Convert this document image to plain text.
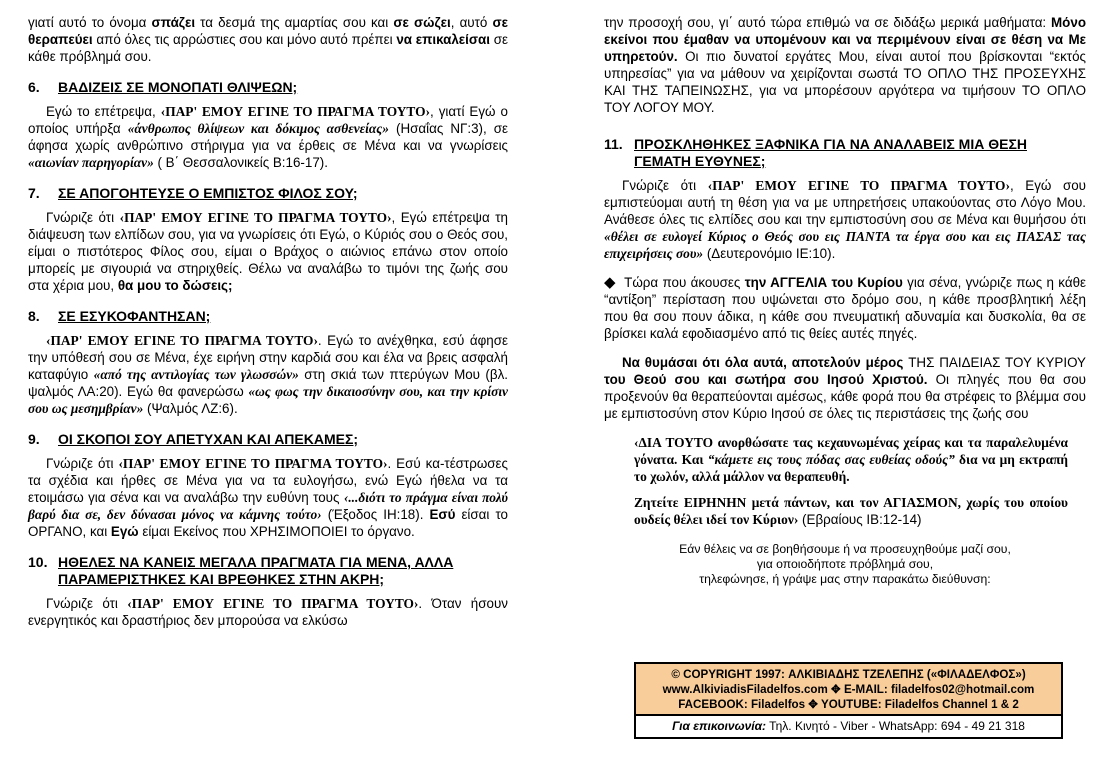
γιατί αυτό το όνομα σπάζει τα δεσμά της αμαρτίας σου και σε σώζει, αυτό σε θεραπεύει από όλες τις αρρώστιες σου και μόνο αυτό πρέπει να επικαλείσαι σε κάθε πρόβλημά σου.

6.	ΒΑΔΙΖΕΙΣ ΣΕ ΜΟΝΟΠΑΤΙ ΘΛΙΨΕΩΝ;

Εγώ το επέτρεψα, ‹ΠΑΡ' ΕΜΟΥ ΕΓΙΝΕ ΤΟ ΠΡΑΓΜΑ ΤΟΥΤΟ›, γιατί Εγώ ο οποίος υπήρξα «άνθρωπος θλίψεων και δόκιμος ασθενείας» (Ησαΐας ΝΓ:3), σε άφησα χωρίς ανθρώπινο στήριγμα για να έρθεις σε Μένα και να γνωρίσεις «αιωνίαν παρηγορίαν» ( Β΄ Θεσσαλονικείς Β:16-17).

7.	ΣΕ ΑΠΟΓΟΗΤΕΥΣΕ Ο ΕΜΠΙΣΤΟΣ ΦΙΛΟΣ ΣΟΥ;

Γνώριζε ότι ‹ΠΑΡ' ΕΜΟΥ ΕΓΙΝΕ ΤΟ ΠΡΑΓΜΑ ΤΟΥΤΟ›, Εγώ επέτρεψα τη διάψευση των ελπίδων σου, για να γνωρίσεις ότι Εγώ, ο Κύριός σου ο Θεός σου, είμαι ο πιστότερος Φίλος σου, είμαι ο Βράχος ο αιώνιος επάνω στον οποίο μπορείς με σιγουριά να στηριχθείς. Θέλω να αναλάβω το τιμόνι της ζωής σου στα χέρια μου, θα μου το δώσεις;

8.	ΣΕ ΕΣΥΚΟΦΑΝΤΗΣΑΝ;

‹ΠΑΡ' ΕΜΟΥ ΕΓΙΝΕ ΤΟ ΠΡΑΓΜΑ ΤΟΥΤΟ›. Εγώ το ανέχθηκα, εσύ άφησε την υπόθεσή σου σε Μένα, έχε ειρήνη στην καρδιά σου και έλα να βρεις ασφαλή καταφύγιο «από της αντιλογίας των γλωσσών» στη σκιά των πτερύγων Μου (βλ. ψαλμός ΛΑ:20). Εγώ θα φανερώσω «ως φως την δικαιοσύνην σου, και την κρίσιν σου ως μεσημβρίαν» (Ψαλμός ΛΖ:6).

9.	ΟΙ ΣΚΟΠΟΙ ΣΟΥ ΑΠΕΤΥΧΑΝ ΚΑΙ ΑΠΕΚΑΜΕΣ;

Γνώριζε ότι ‹ΠΑΡ' ΕΜΟΥ ΕΓΙΝΕ ΤΟ ΠΡΑΓΜΑ ΤΟΥΤΟ›. Εσύ κα-τέστρωσες τα σχέδια και ήρθες σε Μένα για να τα ευλογήσω, ενώ Εγώ ήθελα να τα ετοιμάσω για σένα και να αναλάβω την ευθύνη τους ‹...διότι το πράγμα είναι πολύ βαρύ δια σε, δεν δύνασαι μόνος να κάμνης τούτο› (Έξοδος ΙΗ:18). Εσύ είσαι το ΟΡΓΑΝΟ, και Εγώ είμαι Εκείνος που ΧΡΗΣΙΜΟΠΟΙΕΙ το όργανο.

10. ΗΘΕΛΕΣ ΝΑ ΚΑΝΕΙΣ ΜΕΓΑΛΑ ΠΡΑΓΜΑΤΑ ΓΙΑ ΜΕΝΑ, ΑΛΛΑ ΠΑΡΑΜΕΡΙΣΤΗΚΕΣ ΚΑΙ ΒΡΕΘΗΚΕΣ ΣΤΗΝ ΑΚΡΗ;

Γνώριζε ότι ‹ΠΑΡ' ΕΜΟΥ ΕΓΙΝΕ ΤΟ ΠΡΑΓΜΑ ΤΟΥΤΟ›. Όταν ήσουν ενεργητικός και δραστήριος δεν μπορούσα να ελκύσω

την προσοχή σου, γι΄ αυτό τώρα επιθμώ να σε διδάξω μερικά μαθήματα: Μόνο εκείνοι που έμαθαν να υπομένουν και να περιμένουν είναι σε θέση να Με υπηρετούν. Οι πιο δυνατοί εργάτες Μου, είναι αυτοί που βρίσκονται “εκτός υπηρεσίας” για να μάθουν να χειρίζονται σωστά ΤΟ ΟΠΛΟ ΤΗΣ ΠΡΟΣΕΥΧΗΣ ΚΑΙ ΤΗΣ ΤΑΠΕΙΝΩΣΗΣ, για να μπορέσουν αργότερα να τιμήσουν ΤΟ ΟΠΛΟ ΤΟΥ ΛΟΓΟΥ ΜΟΥ.

11. ΠΡΟΣΚΛΗΘΗΚΕΣ ΞΑΦΝΙΚΑ ΓΙΑ ΝΑ ΑΝΑΛΑΒΕΙΣ ΜΙΑ ΘΕΣΗ ΓΕΜΑΤΗ ΕΥΘΥΝΕΣ;

Γνώριζε ότι ‹ΠΑΡ' ΕΜΟΥ ΕΓΙΝΕ ΤΟ ΠΡΑΓΜΑ ΤΟΥΤΟ›, Εγώ σου εμπιστεύομαι αυτή τη θέση για να με υπηρετήσεις υπακούοντας στο Λόγο Μου. Ανάθεσε όλες τις ελπίδες σου και την εμπιστοσύνη σου σε Μένα και θυμήσου ότι «θέλει σε ευλογεί Κύριος ο Θεός σου εις ΠΑΝΤΑ τα έργα σου και εις ΠΑΣΑΣ τας επιχειρήσεις σου» (Δευτερονόμιο ΙΕ:10).

◆ Τώρα που άκουσες την ΑΓΓΕΛΙΑ του Κυρίου για σένα, γνώριζε πως η κάθε “αντίξοη” περίσταση που υψώνεται στο δρόμο σου, η κάθε προσβλητική λέξη που θα σου πουν άδικα, η κάθε σου πνευματική αδυναμία και δυσκολία, θα σε βρίσκει καλά εφοδιασμένο από τις θείες αυτές πηγές.

Να θυμάσαι ότι όλα αυτά, αποτελούν μέρος ΤΗΣ ΠΑΙΔΕΙΑΣ ΤΟΥ ΚΥΡΙΟΥ του Θεού σου και σωτήρα σου Ιησού Χριστού. Οι πληγές που θα σου προξενούν θα θεραπεύονται αμέσως, κάθε φορά που θα στρέφεις το βλέμμα σου με εμπιστοσύνη στον Κύριο Ιησού σε όλες τις περιστάσεις της ζωής σου

‹ΔΙΑ ΤΟΥΤΟ ανορθώσατε τας κεχαυνωμένας χείρας και τα παραλελυμένα γόνατα. Και “κάμετε εις τους πόδας σας ευθείας οδούς” δια να μη εκτραπή το χωλόν, αλλά μάλλον να θεραπευθή.

Ζητείτε ΕΙΡΗΝΗΝ μετά πάντων, και τον ΑΓΙΑΣΜΟΝ, χωρίς του οποίου ουδείς θέλει ιδεί τον Κύριον› (Εβραίους ΙΒ:12-14)

Εάν θέλεις να σε βοηθήσουμε ή να προσευχηθούμε μαζί σου,
για οποιοδήποτε πρόβλημά σου,
τηλεφώνησε, ή γράψε μας στην παρακάτω διεύθυνση:
© COPYRIGHT 1997: ΑΛΚΙΒΙΑΔΗΣ ΤΖΕΛΕΠΗΣ («ΦΙΛΑΔΕΛΦΟΣ»)
www.AlkiviadisFiladelfos.com ✥ E-MAIL: filadelfos02@hotmail.com
FACEBOOK: Filadelfos ✥ YOUTUBE: Filadelfos Channel 1 & 2
Για επικοινωνία: Τηλ. Κινητό - Viber - WhatsApp: 694 - 49 21 318
